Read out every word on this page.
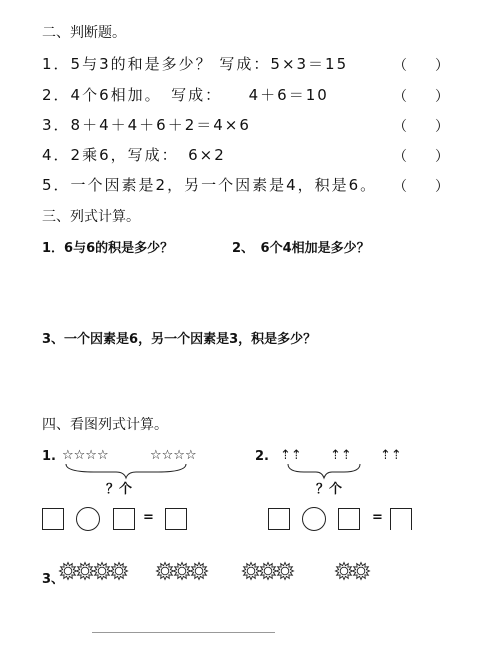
二、判断题。
1．5与3的和是多少？ 写成：5×3＝15	（　　）
2．4个6相加。　写成：　　4＋6＝10	（　　）
3．8＋4＋4＋6＋2＝4×6	（　　）
4．2乘6，写成：　6×2	（　　）
5．一个因素是2，另一个因素是4，积是6。 （　　）
三、列式计算。
1．6与6的积是多少？	2、　6个4相加是多少？
3、一个因素是6，另一个因素是3，积是多少？
四、看图列式计算。
1. ☆☆☆☆	☆☆☆☆
？个
=
2. ⇡⇡ ⇡⇡ ⇡⇡
？个
=
3、
